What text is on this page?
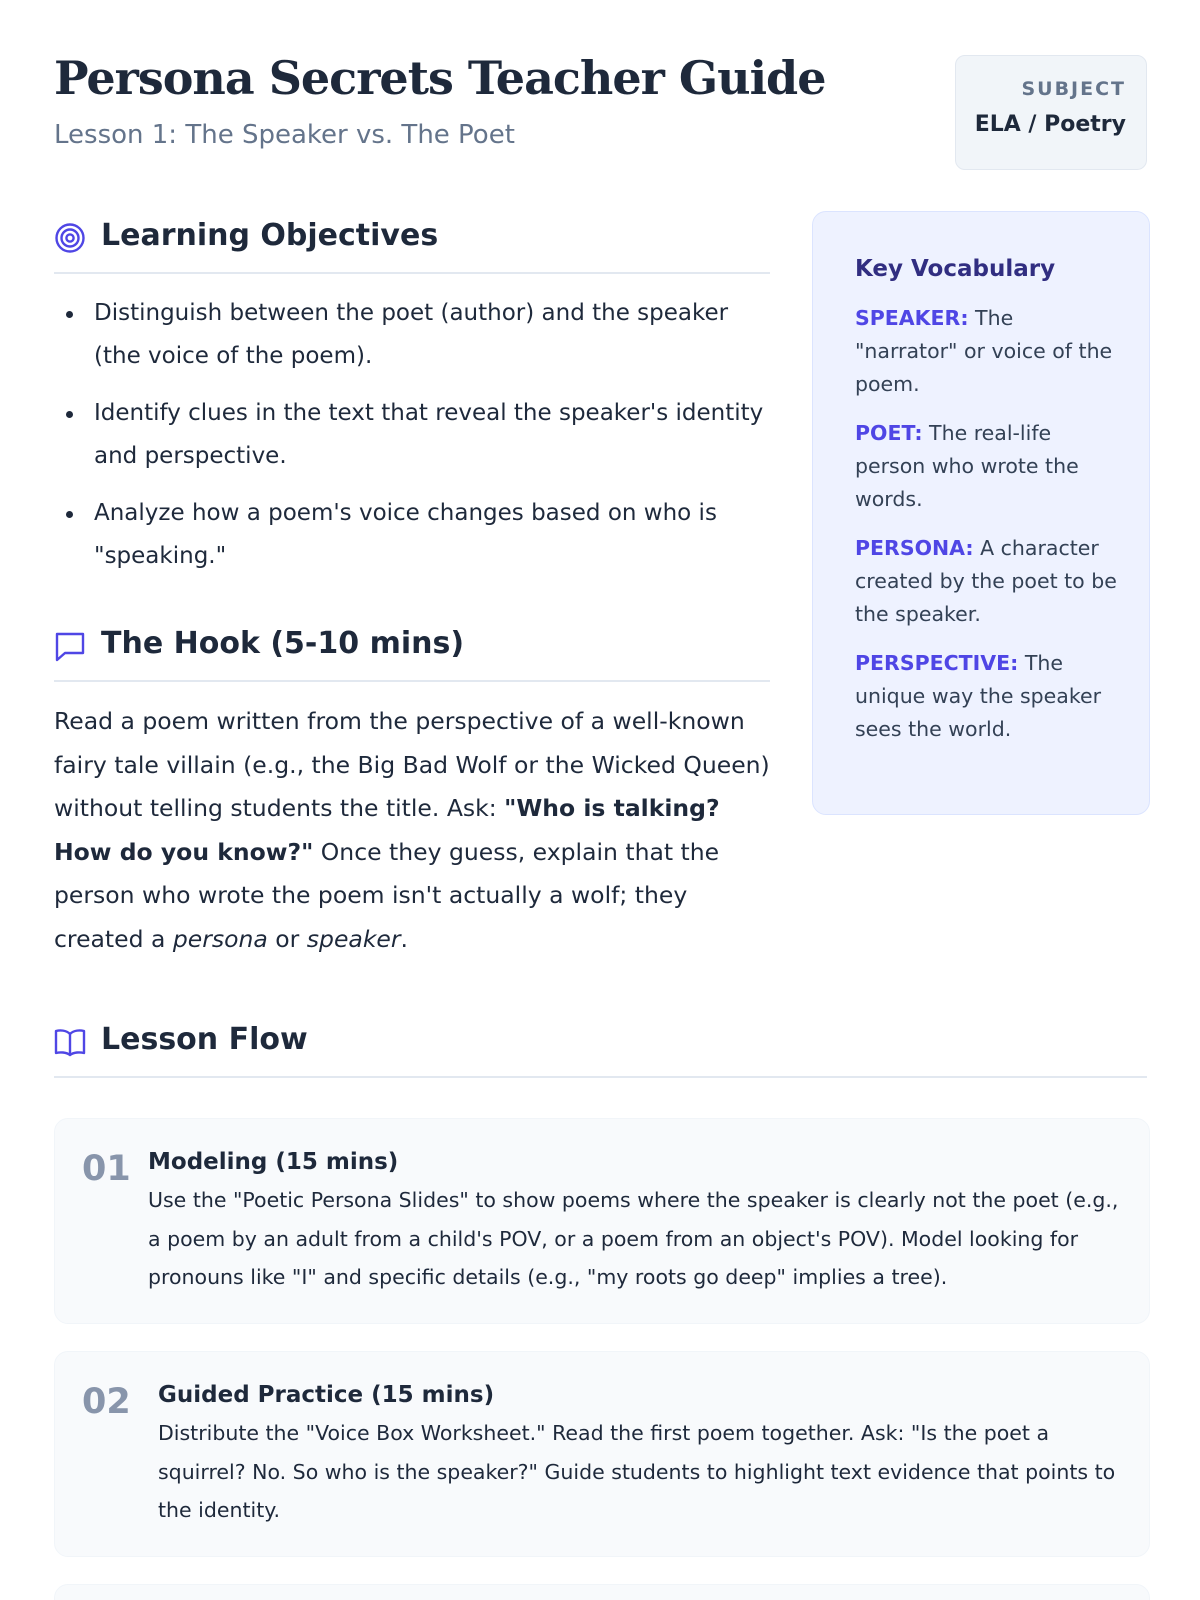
Persona Secrets Teacher Guide
Lesson 1: The Speaker vs. The Poet
SUBJECT
ELA / Poetry
Learning Objectives
Distinguish between the poet (author) and the speaker (the voice of the poem).
Identify clues in the text that reveal the speaker's identity and perspective.
Analyze how a poem's voice changes based on who is "speaking."
The Hook (5-10 mins)

Read a poem written from the perspective of a well-known fairy tale villain (e.g., the Big Bad Wolf or the Wicked Queen) without telling students the title. Ask: "Who is talking? How do you know?" Once they guess, explain that the person who wrote the poem isn't actually a wolf; they created a persona or speaker.

Key Vocabulary
SPEAKER: The "narrator" or voice of the poem.
POET: The real-life person who wrote the words.
PERSONA: A character created by the poet to be the speaker.
PERSPECTIVE: The unique way the speaker sees the world.
Lesson Flow
01 Modeling (15 mins)

Use the "Poetic Persona Slides" to show poems where the speaker is clearly not the poet (e.g., a poem by an adult from a child's POV, or a poem from an object's POV). Model looking for pronouns like "I" and specific details (e.g., "my roots go deep" implies a tree).

02 Guided Practice (15 mins)

Distribute the "Voice Box Worksheet." Read the first poem together. Ask: "Is the poet a squirrel? No. So who is the speaker?" Guide students to highlight text evidence that points to the identity.
